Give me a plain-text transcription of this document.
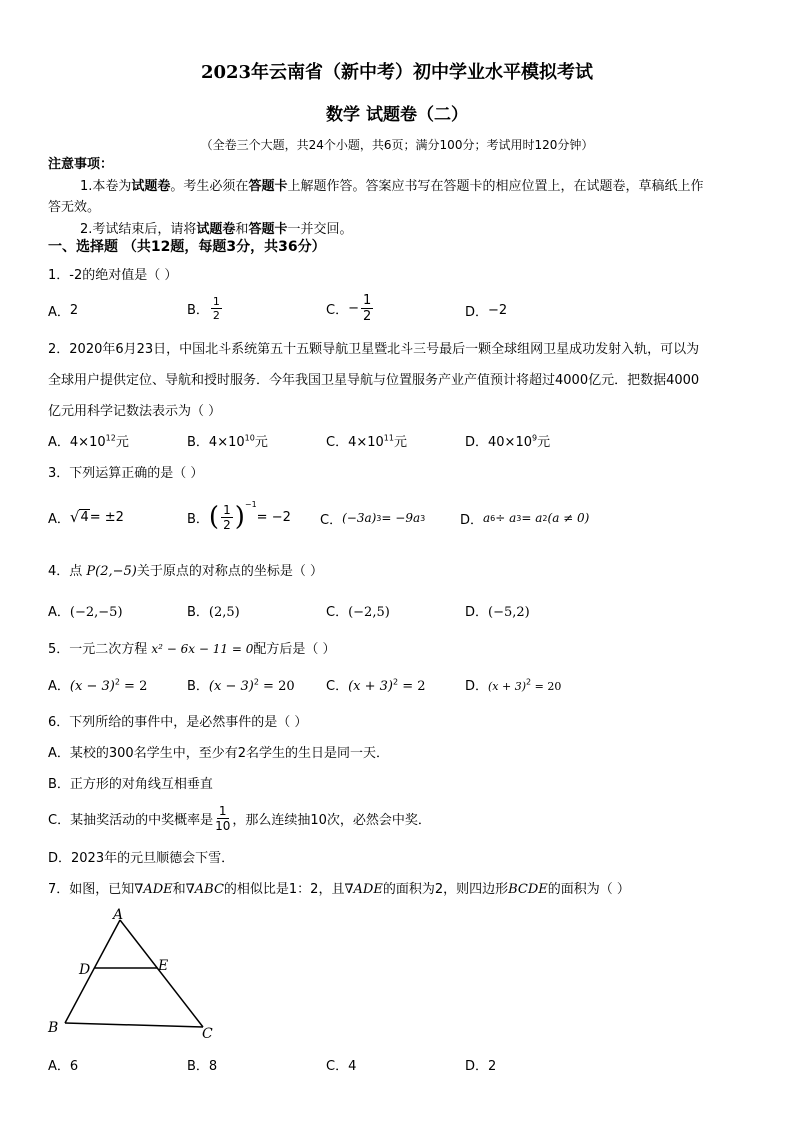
2023年云南省（新中考）初中学业水平模拟考试
数学 试题卷（二）
（全卷三个大题，共24个小题，共6页；满分100分；考试用时120分钟）
注意事项：
1.本卷为试题卷。考生必须在答题卡上解题作答。答案应书写在答题卡的相应位置上，在试题卷，草稿纸上作
答无效。
2.考试结束后，请将试题卷和答题卡一并交回。
一、选择题 （共12题，每题3分，共36分）
1．-2的绝对值是（ ）
A． 2	B． $\frac{1}{2}$	C． − $\frac{1}{2}$	D． −2
2．2020年6月23日，中国北斗系统第五十五颗导航卫星暨北斗三号最后一颗全球组网卫星成功发射入轨，可以为
全球用户提供定位、导航和授时服务．今年我国卫星导航与位置服务产业产值预计将超过4000亿元．把数据4000
亿元用科学记数法表示为（ ）
A．$4\times 10^{12}$元	B．$4\times 10^{10}$元	C．$4\times 10^{11}$元	D．$40\times 10^9$元
3．下列运算正确的是（ ）
A． √ 4 = ±2	B． ( $\frac{1}{2} )^{-1}$
= −2 C． (−3a) 3 = −9a 3	D． a 6 ÷ a 3 = a 2 (a ≠ 0)
4．点 P(2,−5)关于原点的对称点的坐标是（ ）
A．(−2,−5)	B．(2,5)	C．(−2,5)	D．(−5,2)
5．一元二次方程 x² − 6x − 11 = 0配方后是（ ）
A．$(x - 3)^2 = 2$	B．$(x - 3)^2 = 20$ C．$(x + 3)^2 = 2$	D．$(x + 3)^2 = 20$
6．下列所给的事件中，是必然事件的是（ ）
A．某校的300名学生中，至少有2名学生的生日是同一天．
B．正方形的对角线互相垂直
C．某抽奖活动的中奖概率是 $\frac{1}{10}$ ，那么连续抽10次，必然会中奖．
D．2023年的元旦顺德会下雪．
7．如图，已知∇ADE和∇ABC的相似比是1：2，且∇ADE的面积为2，则四边形BCDE的面积为（ ）
A
D	E
B	C
A．6	B．8	C．4	D．2
